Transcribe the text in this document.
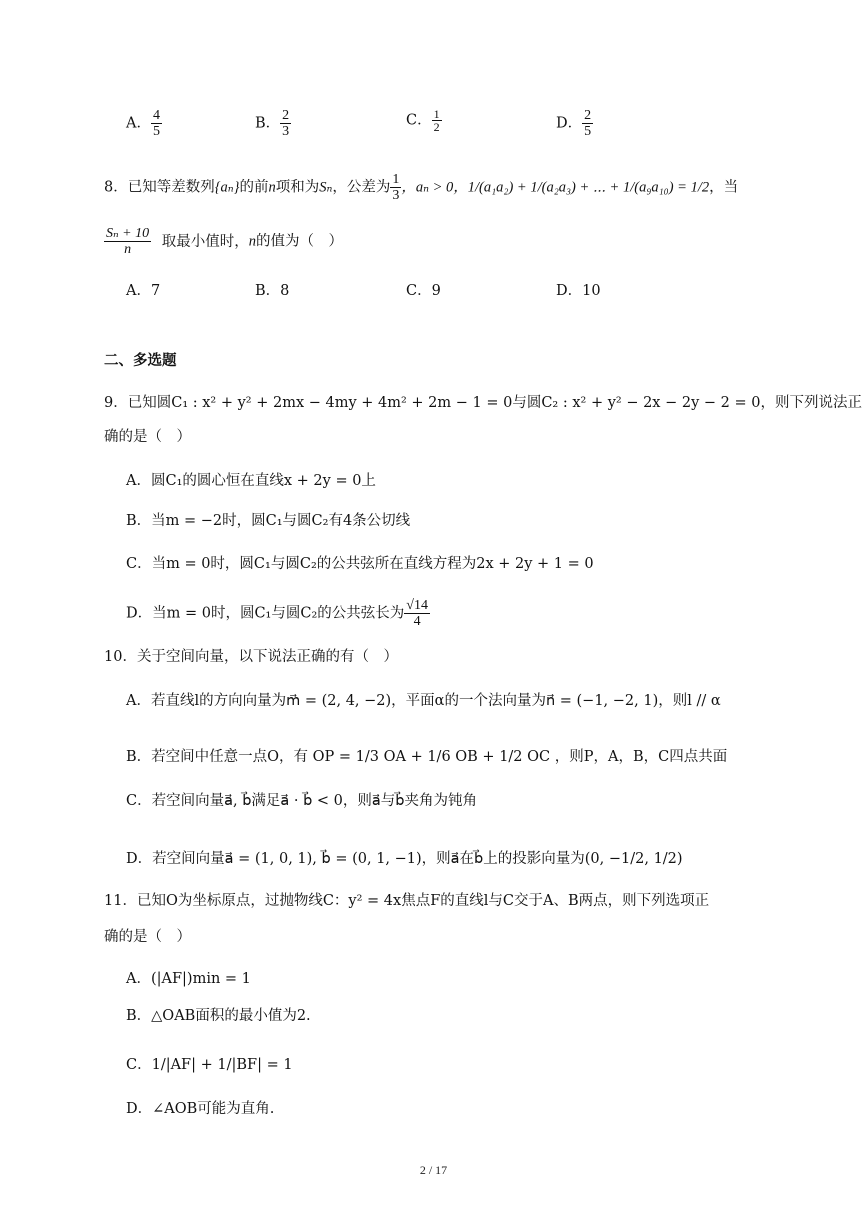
A． $\frac{4}{5}$	B． $\frac{2}{3}$	C． $\frac{1}{2}$	D． $\frac{2}{5}$
8．已知等差数列{aₙ}的前n项和为Sₙ，公差为 $\frac{1}{3}$ ，aₙ > 0，1/(a₁a₂) + 1/(a₂a₃) + ⋯ + 1/(a₉a₁₀) = 1/2，当
$\frac{\text{Sₙ + 10}}{n}$ 取最小值时，n的值为（　）
A．7	B．8	C．9	D．10
二、多选题
9．已知圆C₁ : x² + y² + 2mx − 4my + 4m² + 2m − 1 = 0与圆C₂ : x² + y² − 2x − 2y − 2 = 0，则下列说法正
确的是（　）
A．圆C₁的圆心恒在直线x + 2y = 0上
B．当m = −2时，圆C₁与圆C₂有4条公切线
C．当m = 0时，圆C₁与圆C₂的公共弦所在直线方程为2x + 2y + 1 = 0
D．当m = 0时，圆C₁与圆C₂的公共弦长为 $\frac{√14}{4}$
10．关于空间向量，以下说法正确的有（　）
A．若直线l的方向向量为m⃗ = (2, 4, −2)，平面α的一个法向量为n⃗ = (−1, −2, 1)，则l // α
B．若空间中任意一点O，有 OP = 1/3 OA + 1/6 OB + 1/2 OC ，则P，A，B，C四点共面
C．若空间向量a⃗, b⃗满足a⃗ · b⃗ < 0，则a⃗与b⃗夹角为钝角
D．若空间向量a⃗ = (1, 0, 1), b⃗ = (0, 1, −1)，则a⃗在b⃗上的投影向量为(0, −1/2, 1/2)
11．已知O为坐标原点，过抛物线C：y² = 4x焦点F的直线l与C交于A、B两点，则下列选项正
确的是（　）
A．(|AF|)min = 1
B．△OAB面积的最小值为2.
C．1/|AF| + 1/|BF| = 1
D．∠AOB可能为直角.
2 / 17
